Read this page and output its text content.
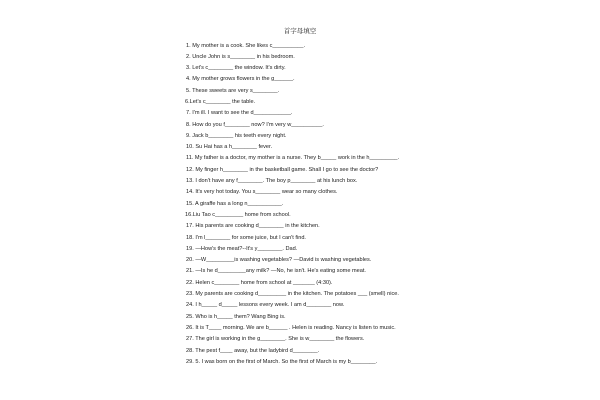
首字母填空
1. My mother is a cook. She likes c__________.
2. Uncle John is s________ in his bedroom.
3. Let's c________ the window. It's dirty.
4. My mother grows flowers in the g______.
5. These sweets are very s________.
6.Let's c________ the table.
7. I'm ill. I want to see the d____________.
8. How do you f________ now? I'm very w__________.
9. Jack b________ his teeth every night.
10. Su Hai has a h________ fever.
11. My father is a doctor, my mother is a nurse. They b_____ work in the h_________.
12. My finger h________ in the basketball game. Shall I go to see the doctor?
13. I don't have any f________. The boy p________ at his lunch box.
14. It's very hot today. You s________ wear so many clothes.
15. A giraffe has a long n___________.
16.Liu Tao c_________ home from school.
17. His parents are cooking d________ in the kitchen.
18. I'm l________ for some juice, but I can't find.
19. —How's the meat?--It's y________. Dad.
20. —W_________is washing vegetables? —David is washing vegetables.
21. —Is he d_________any milk? —No, he isn't. He's eating some meat.
22. Helen c________ home from school at _______ (4:30).
23. My parents are cooking d_________ in the kitchen. The potatoes ___ (smell) nice.
24. I h_____ d_____ lessons every week. I am d________ now.
25. Who is h_____ them? Wang Bing is.
26. It is T____ morning. We are b______ . Helen is reading. Nancy is listen to music.
27. The girl is working in the g________. She is w________ the flowers.
28. The pest f____ away, but the ladybird d________.
29. 5. I was born on the first of March. So the first of March is my b________.
